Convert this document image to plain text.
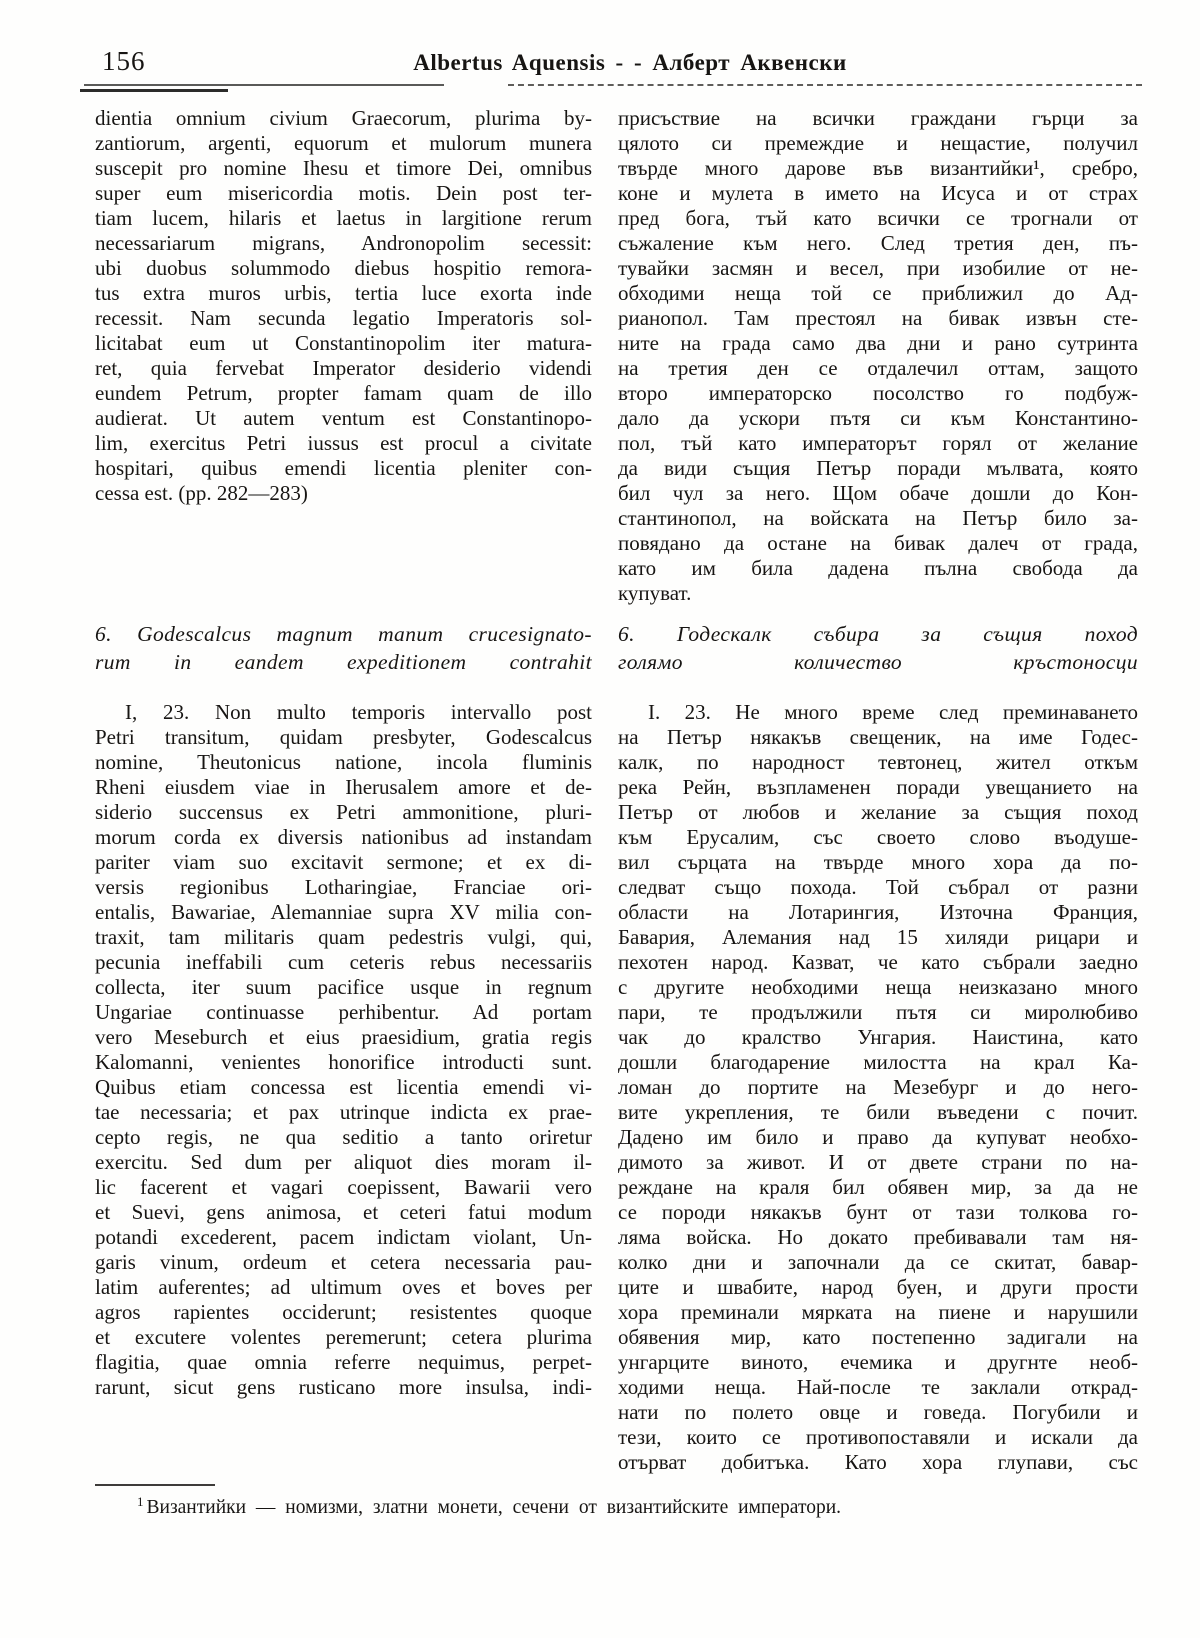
156	Albertus Aquensis - - Алберт Аквенски
dientia omnium civium Graecorum, plurima by-
zantiorum, argenti, equorum et mulorum munera
suscepit pro nomine Ihesu et timore Dei, omnibus
super eum misericordia motis. Dein post ter-
tiam lucem, hilaris et laetus in largitione rerum
necessariarum migrans, Andronopolim secessit:
ubi duobus solummodo diebus hospitio remora-
tus extra muros urbis, tertia luce exorta inde
recessit. Nam secunda legatio Imperatoris sol-
licitabat eum ut Constantinopolim iter matura-
ret, quia fervebat Imperator desiderio videndi
eundem Petrum, propter famam quam de illo
audierat. Ut autem ventum est Constantinopo-
lim, exercitus Petri iussus est procul a civitate
hospitari, quibus emendi licentia pleniter con-
cessa est. (pp. 282—283)
6. Godescalcus magnum manum crucesignato-
rum in eandem expeditionem contrahit
I, 23. Non multo temporis intervallo post
Petri transitum, quidam presbyter, Godescalcus
nomine, Theutonicus natione, incola fluminis
Rheni eiusdem viae in Iherusalem amore et de-
siderio succensus ex Petri ammonitione, pluri-
morum corda ex diversis nationibus ad instandam
pariter viam suo excitavit sermone; et ex di-
versis regionibus Lotharingiae, Franciae ori-
entalis, Bawariae, Alemanniae supra XV milia con-
traxit, tam militaris quam pedestris vulgi, qui,
pecunia ineffabili cum ceteris rebus necessariis
collecta, iter suum pacifice usque in regnum
Ungariae continuasse perhibentur. Ad portam
vero Meseburch et eius praesidium, gratia regis
Kalomanni, venientes honorifice introducti sunt.
Quibus etiam concessa est licentia emendi vi-
tae necessaria; et pax utrinque indicta ex prae-
cepto regis, ne qua seditio a tanto oriretur
exercitu. Sed dum per aliquot dies moram il-
lic facerent et vagari coepissent, Bawarii vero
et Suevi, gens animosa, et ceteri fatui modum
potandi excederent, pacem indictam violant, Un-
garis vinum, ordeum et cetera necessaria pau-
latim auferentes; ad ultimum oves et boves per
agros rapientes occiderunt; resistentes quoque
et excutere volentes peremerunt; cetera plurima
flagitia, quae omnia referre nequimus, perpet-
rarunt, sicut gens rusticano more insulsa, indi-
присъствие на всички граждани гърци за
цялото си премеждие и нещастие, получил
твърде много дарове във византийки¹, сребро,
коне и мулета в името на Исуса и от страх
пред бога, тъй като всички се трогнали от
съжаление към него. След третия ден, пъ-
тувайки засмян и весел, при изобилие от не-
обходими неща той се приближил до Ад-
рианопол. Там престоял на бивак извън сте-
ните на града само два дни и рано сутринта
на третия ден се отдалечил оттам, защото
второ императорско посолство го подбуж-
дало да ускори пътя си към Константино-
пол, тъй като императорът горял от желание
да види същия Петър поради мълвата, която
бил чул за него. Щом обаче дошли до Кон-
стантинопол, на войската на Петър било за-
повядано да остане на бивак далеч от града,
като им била дадена пълна свобода да
купуват.
6. Годескалк събира за същия поход
голямо количество кръстоносци
I. 23. Не много време след преминаването
на Петър някакъв свещеник, на име Годес-
калк, по народност тевтонец, жител откъм
река Рейн, възпламенен поради увещанието на
Петър от любов и желание за същия поход
към Ерусалим, със своето слово въодуше-
вил сърцата на твърде много хора да по-
следват също похода. Той събрал от разни
области на Лотарингия, Източна Франция,
Бавария, Алемания над 15 хиляди рицари и
пехотен народ. Казват, че като събрали заедно
с другите необходими неща неизказано много
пари, те продължили пътя си миролюбиво
чак до кралство Унгария. Наистина, като
дошли благодарение милостта на крал Ка-
ломан до портите на Мезебург и до него-
вите укрепления, те били въведени с почит.
Дадено им било и право да купуват необхо-
димото за живот. И от двете страни по на-
реждане на краля бил обявен мир, за да не
се породи някакъв бунт от тази толкова го-
ляма войска. Но докато пребивавали там ня-
колко дни и започнали да се скитат, бавар-
ците и швабите, народ буен, и други прости
хора преминали мярката на пиене и нарушили
обявения мир, като постепенно задигали на
унгарците виното, ечемика и другнте необ-
ходими неща. Най-после те заклали открад-
нати по полето овце и говеда. Погубили и
тези, които се противопоставяли и искали да
отърват добитъка. Като хора глупави, със
$^1$ Византийки — номизми, златни монети, сечени от византийските императори.
